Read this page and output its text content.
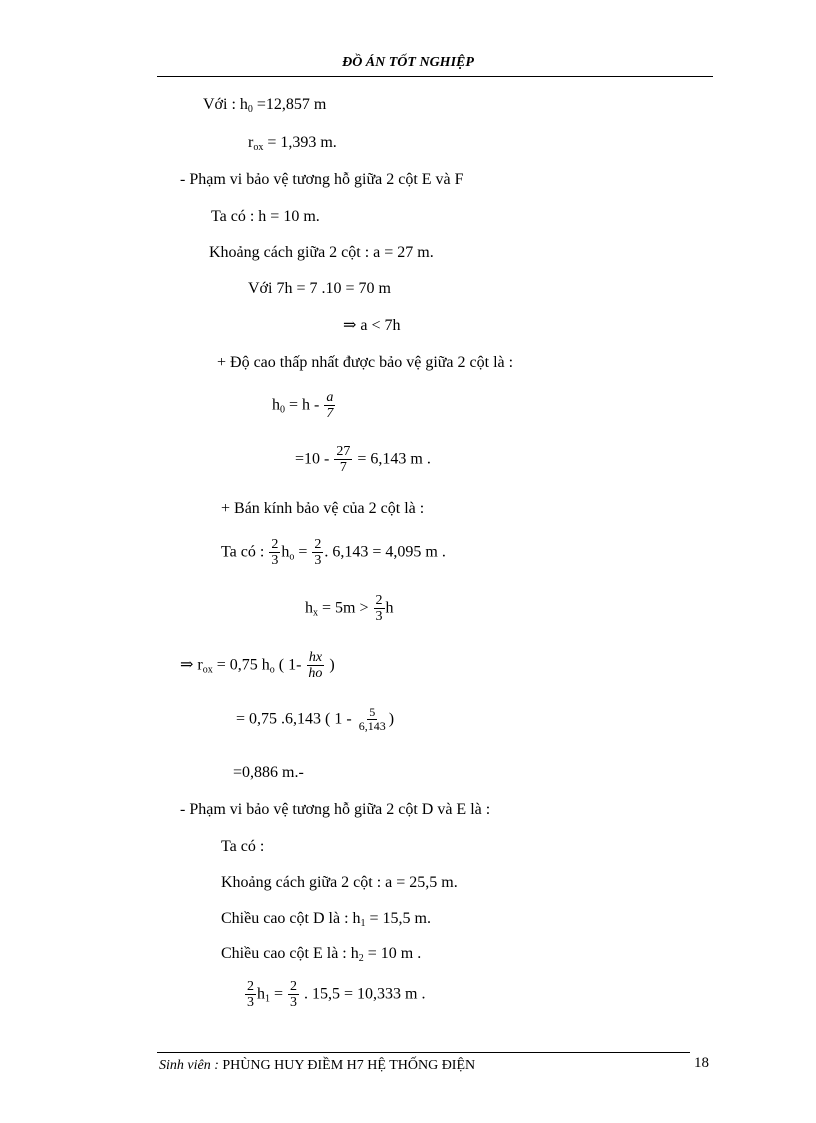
ĐỒ ÁN TỐT NGHIỆP
Với : $h_0 =12,857$ m
$r_{ox} = 1,393$ m.
- Phạm vi bảo vệ tương hỗ giữa 2 cột E và F
Ta có : h = 10 m.
Khoảng cách giữa 2 cột : a = 27 m.
Với 7h = 7 .10 = 70 m
⇒ a < 7h
+ Độ cao thấp nhất được bảo vệ giữa 2 cột là :
$h_0 = h - \frac{a}{7}$
$=10 - \frac{27}{7} = 6,143$ m .
+ Bán kính bảo vệ của 2 cột là :
Ta có : $\frac{2}{3} h_o = \frac{2}{3}$ . 6,143 = 4,095 m .
$h_x = 5m > \frac{2}{3}$ h
⇒ $r_{ox} = 0,75$ $h_o$ ( $1- \frac{hx}{ho}$ )
= 0,75 .6,143 ( $1 - \frac{5}{6,143}$ )
=0,886 m.-
- Phạm vi bảo vệ tương hỗ giữa 2 cột D và E là :
Ta có :
Khoảng cách giữa 2 cột : a = 25,5 m.
Chiều cao cột D là : $h_1 = 15,5$ m.
Chiều cao cột E là : $h_2 = 10$ m .
$\frac{2}{3} h_1 = \frac{2}{3}$ . 15,5 = 10,333 m .
Sinh viên : PHÙNG HUY ĐIỀM H7 HỆ THỐNG ĐIỆN	18
